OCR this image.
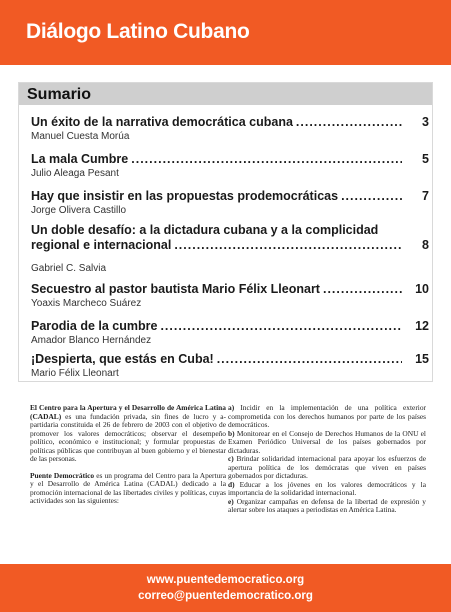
Diálogo Latino Cubano
Sumario
Un éxito de la narrativa democrática cubana .....	3
Manuel Cuesta Morúa
La mala Cumbre .....	5
Julio Aleaga Pesant
Hay que insistir en las propuestas prodemocráticas .....	7
Jorge Olivera Castillo
Un doble desafío: a la dictadura cubana y a la complicidad
regional e internacional .....	8
Gabriel C. Salvia
Secuestro al pastor bautista Mario Félix Lleonart .....	10
Yoaxis Marcheco Suárez
Parodia de la cumbre .....	12
Amador Blanco Hernández
¡Despierta, que estás en Cuba! .....	15
Mario Félix Lleonart

El Centro para la Apertura y el Desarrollo de América Latina (CADAL) es una fundación privada, sin fines de lucro y a-partidaria constituida el 26 de febrero de 2003 con el objetivo de promover los valores democráticos; observar el desempeño político, económico e institucional; y formular propuestas de políticas públicas que contribuyan al buen gobierno y el bienestar de las personas.

Puente Democrático es un programa del Centro para la Apertura y el Desarrollo de América Latina (CADAL) dedicado a la promoción internacional de las libertades civiles y políticas, cuyas actividades son las siguientes:

a) Incidir en la implementación de una política exterior comprometida con los derechos humanos por parte de los países democráticos.
b) Monitorear en el Consejo de Derechos Humanos de la ONU el Examen Periódico Universal de los países gobernados por dictaduras.
c) Brindar solidaridad internacional para apoyar los esfuerzos de apertura política de los demócratas que viven en países gobernados por dictaduras.
d) Educar a los jóvenes en los valores democráticos y la importancia de la solidaridad internacional.
e) Organizar campañas en defensa de la libertad de expresión y alertar sobre los ataques a periodistas en América Latina.
www.puentedemocratico.org
correo@puentedemocratico.org
